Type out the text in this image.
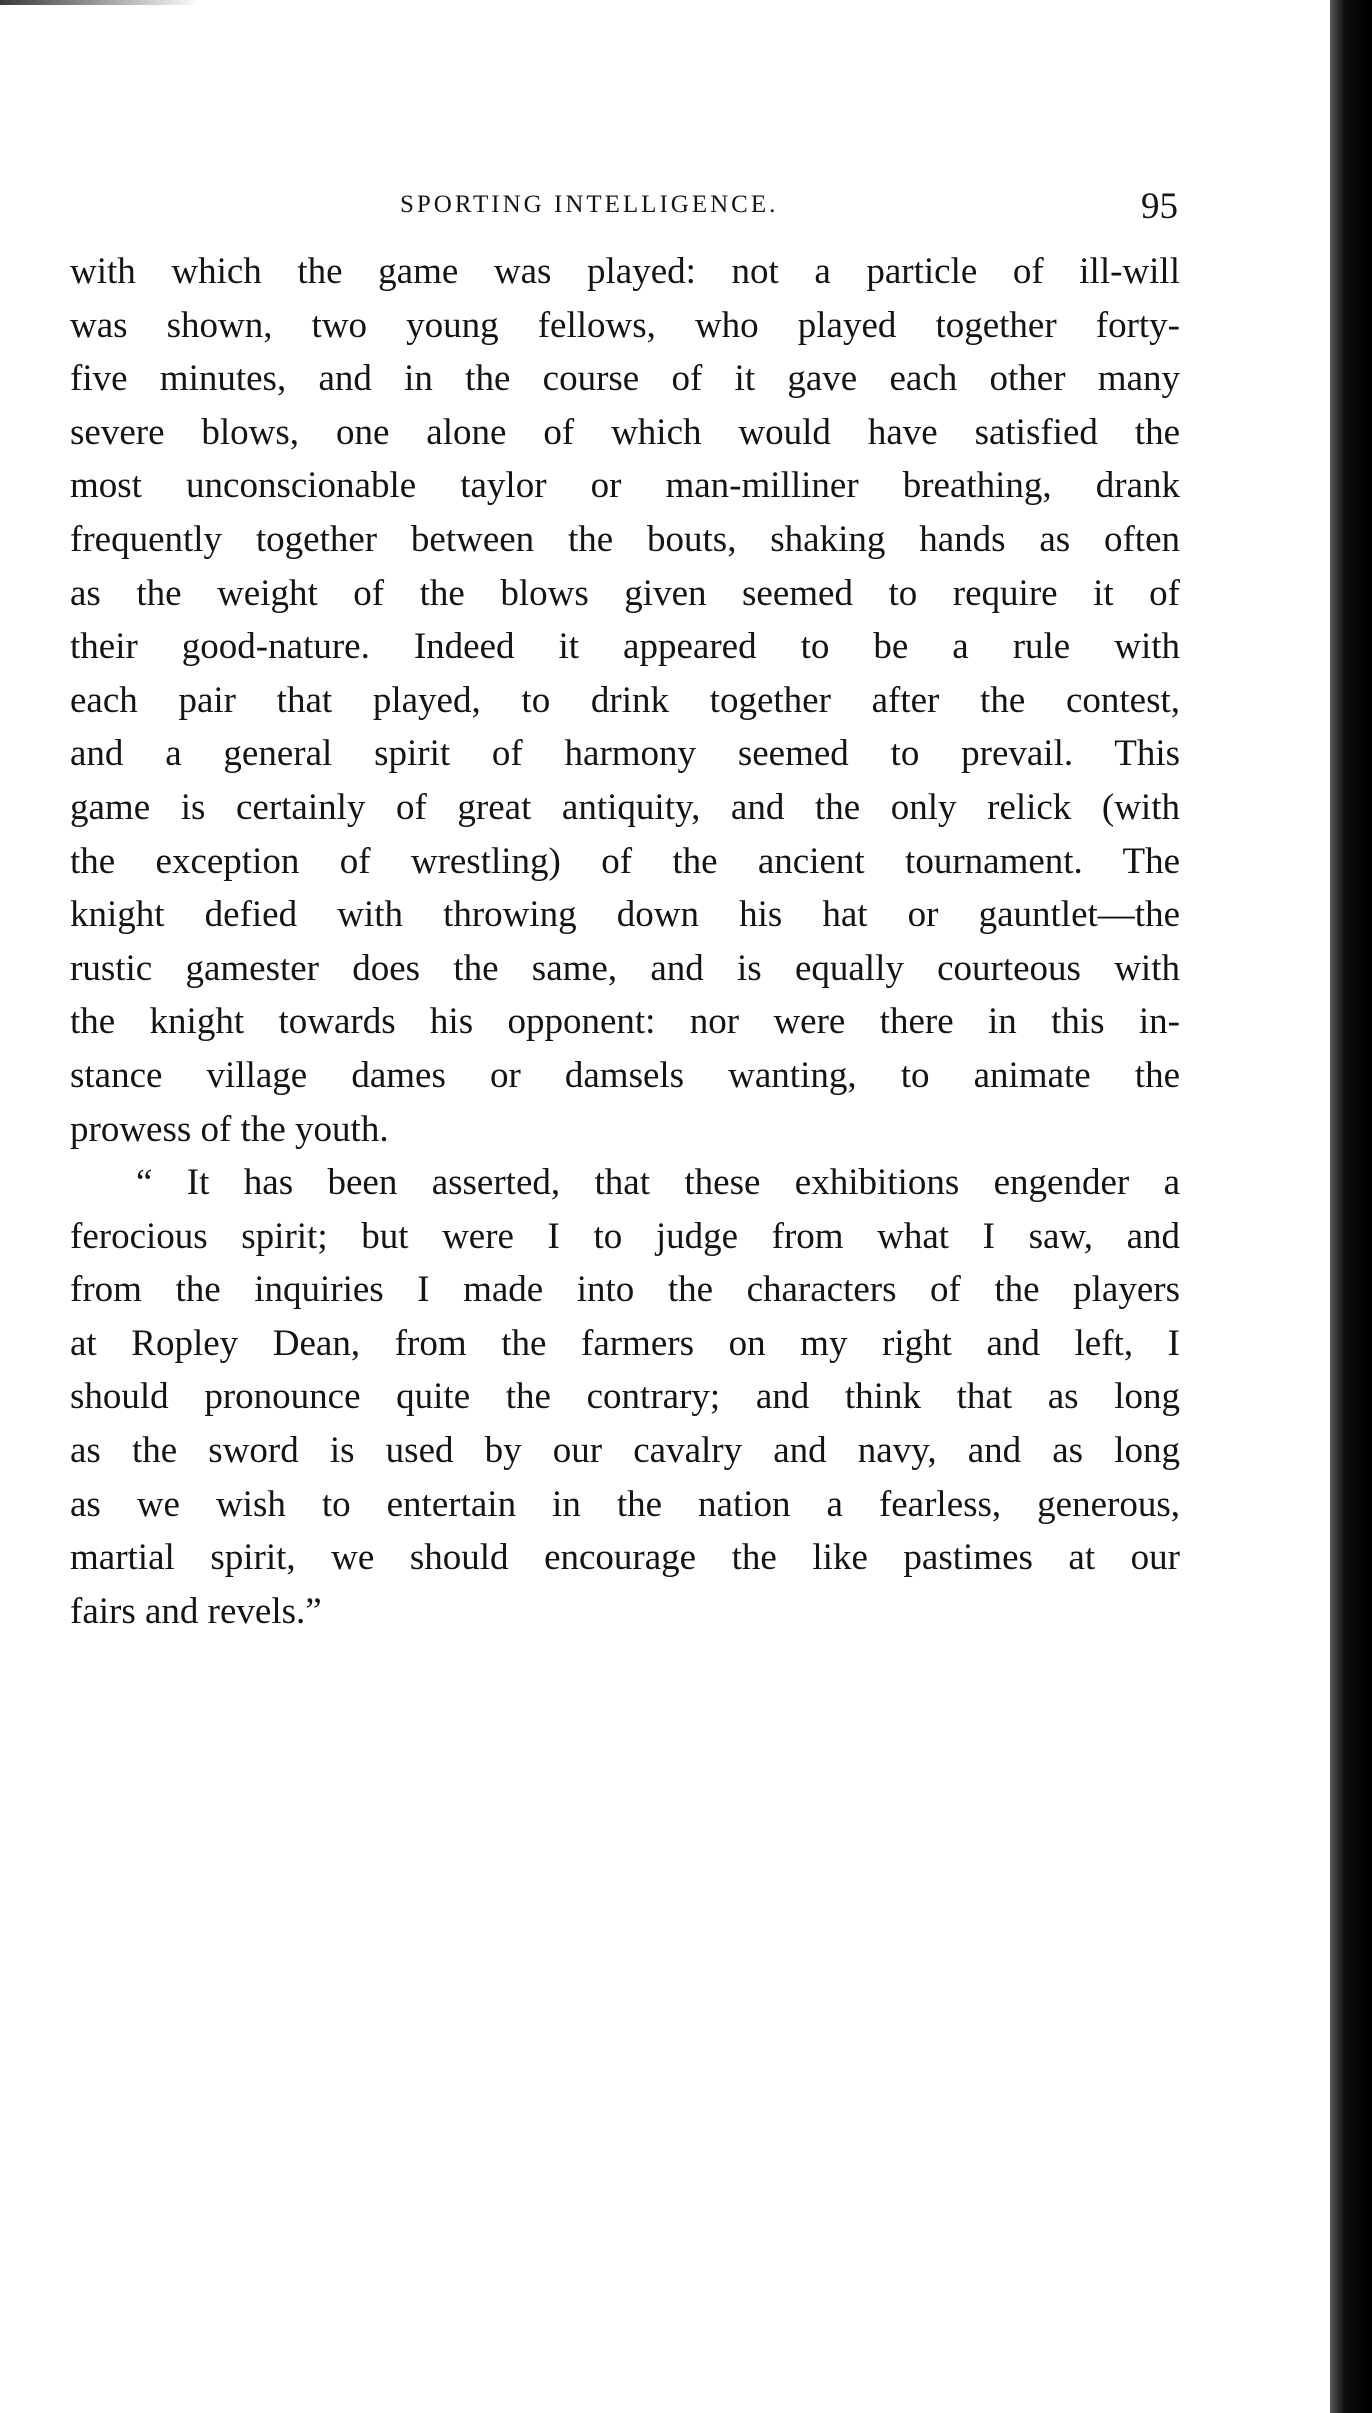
SPORTING INTELLIGENCE.	95
with which the game was played: not a particle of ill-will
was shown, two young fellows, who played together forty-
five minutes, and in the course of it gave each other many
severe blows, one alone of which would have satisfied the
most unconscionable taylor or man-milliner breathing, drank
frequently together between the bouts, shaking hands as often
as the weight of the blows given seemed to require it of
their good-nature. Indeed it appeared to be a rule with
each pair that played, to drink together after the contest,
and a general spirit of harmony seemed to prevail. This
game is certainly of great antiquity, and the only relick (with
the exception of wrestling) of the ancient tournament. The
knight defied with throwing down his hat or gauntlet—the
rustic gamester does the same, and is equally courteous with
the knight towards his opponent: nor were there in this in-
stance village dames or damsels wanting, to animate the
prowess of the youth.
“ It has been asserted, that these exhibitions engender a
ferocious spirit; but were I to judge from what I saw, and
from the inquiries I made into the characters of the players
at Ropley Dean, from the farmers on my right and left, I
should pronounce quite the contrary; and think that as long
as the sword is used by our cavalry and navy, and as long
as we wish to entertain in the nation a fearless, generous,
martial spirit, we should encourage the like pastimes at our
fairs and revels.”
